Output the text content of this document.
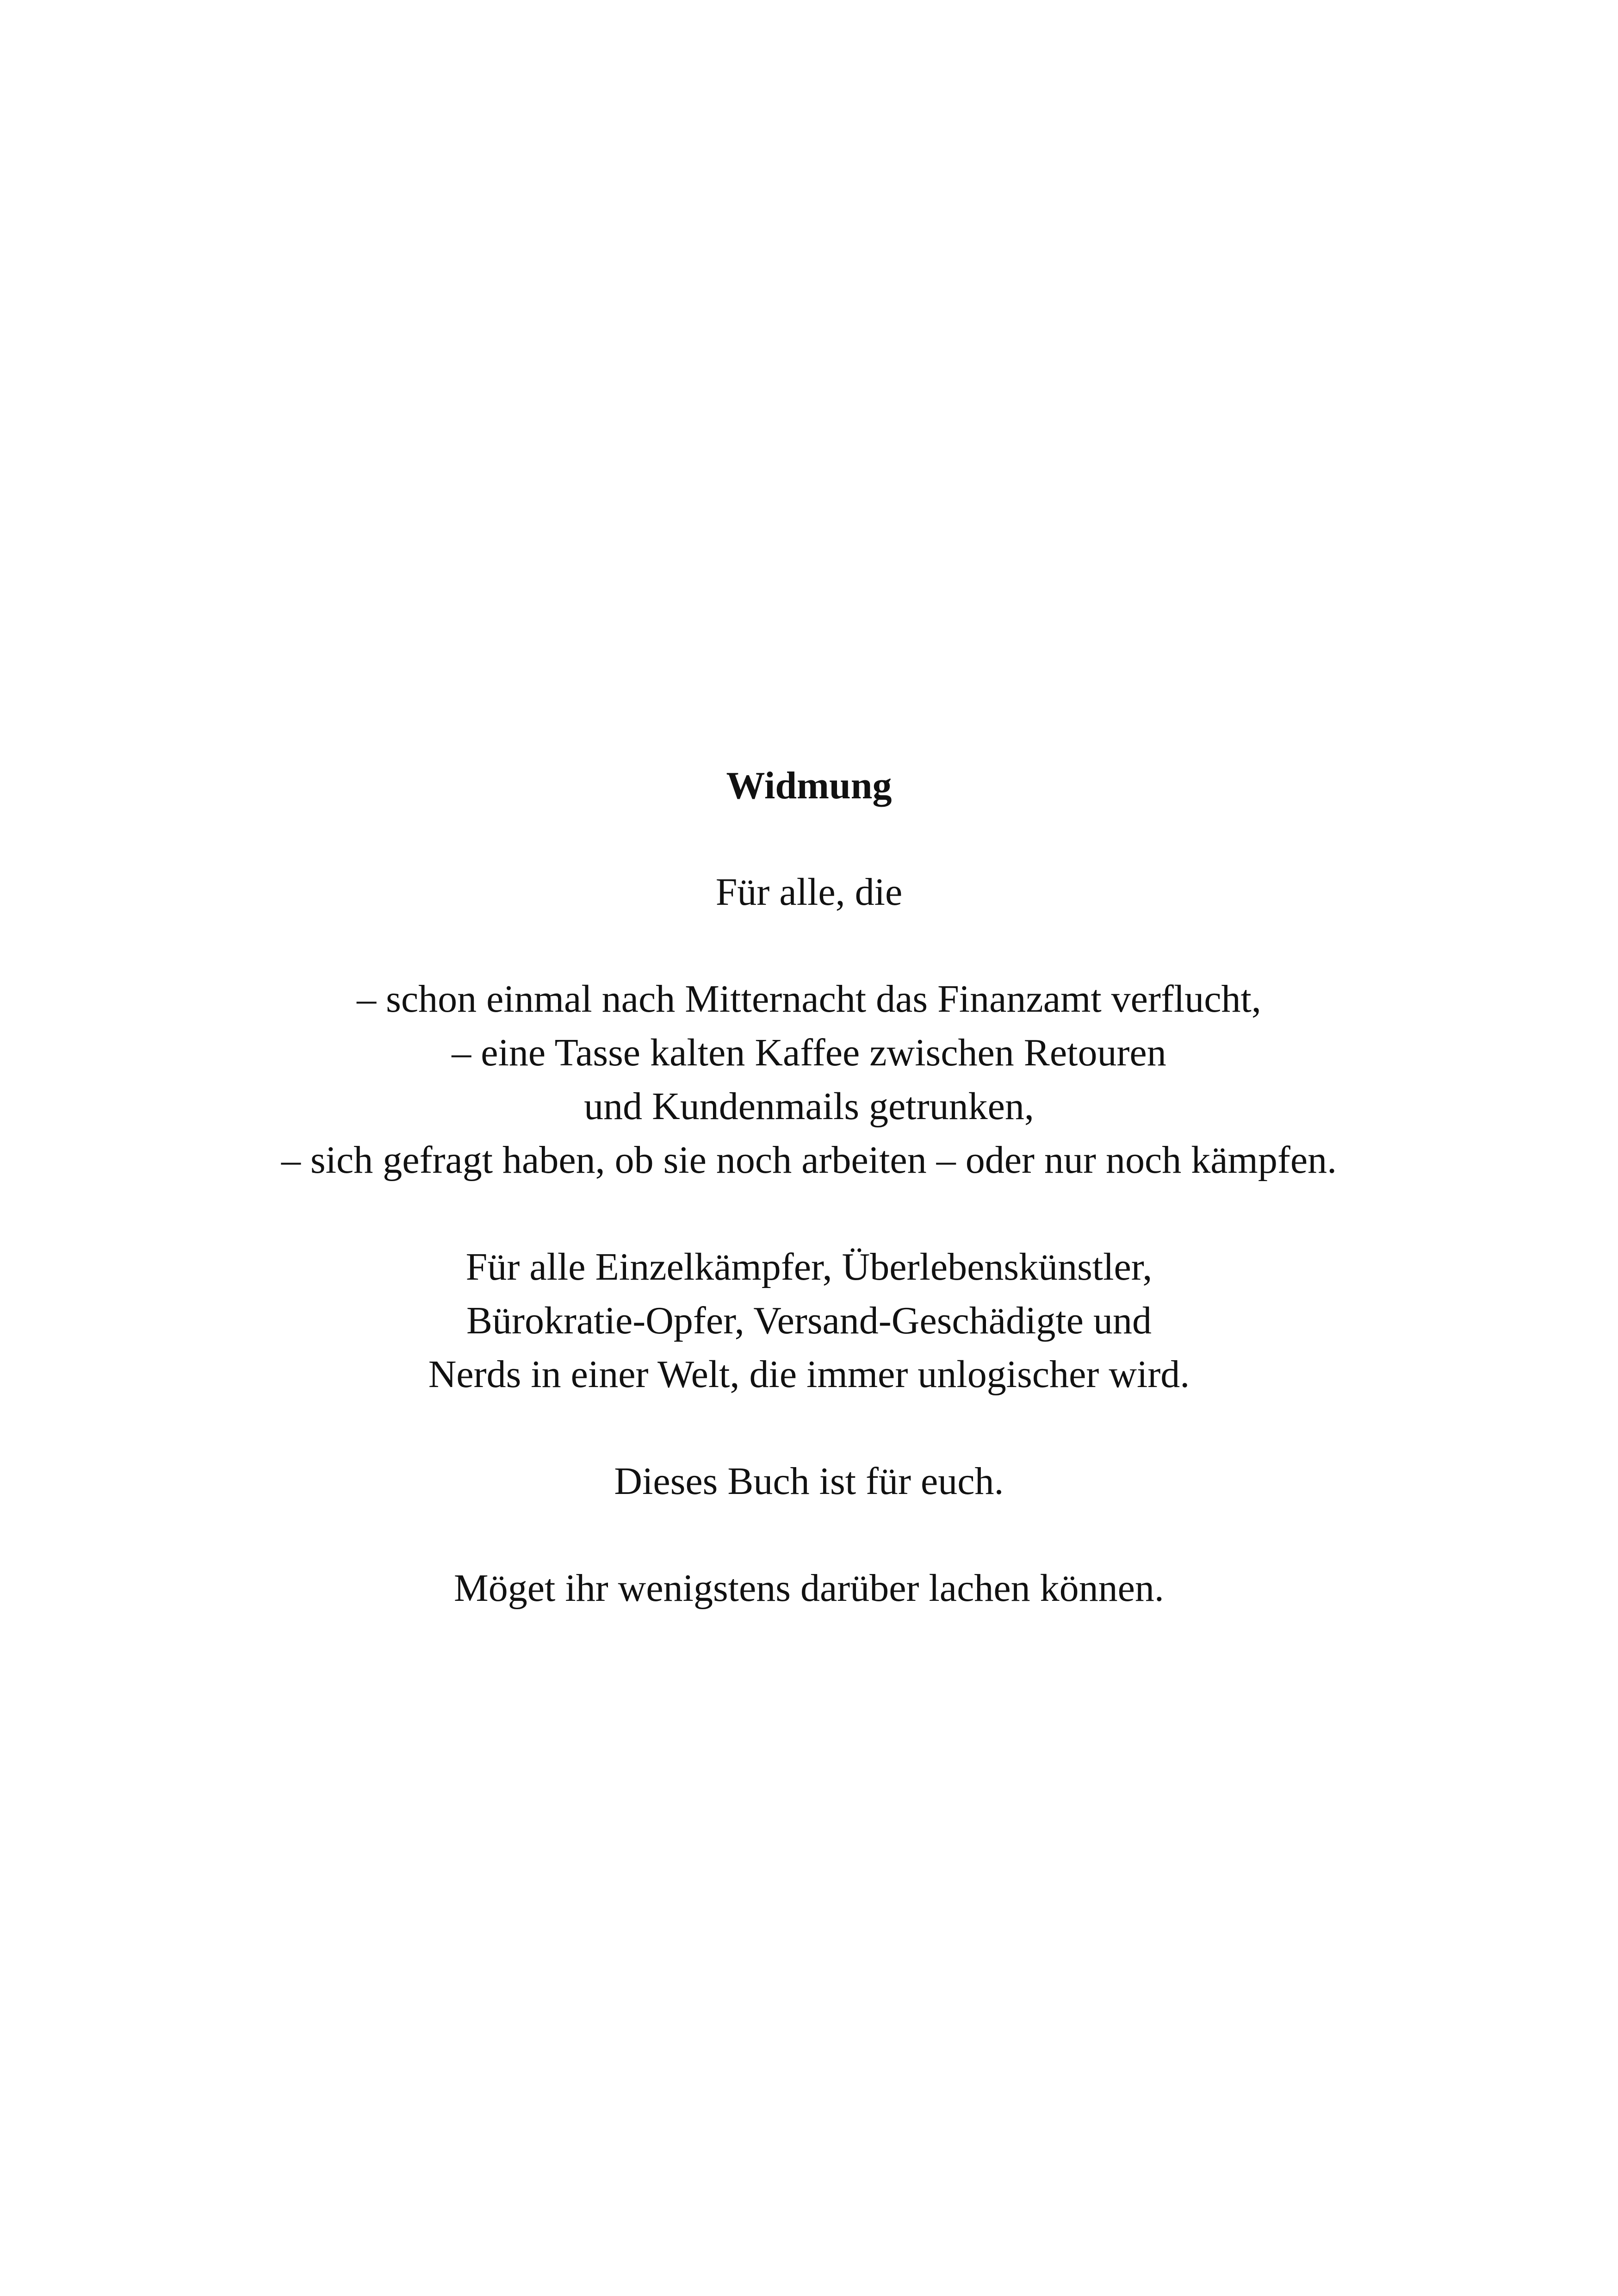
Widmung
Für alle, die
– schon einmal nach Mitternacht das Finanzamt verflucht,
– eine Tasse kalten Kaffee zwischen Retouren
und Kundenmails getrunken,
– sich gefragt haben, ob sie noch arbeiten – oder nur noch kämpfen.
Für alle Einzelkämpfer, Überlebenskünstler,
Bürokratie-Opfer, Versand-Geschädigte und
Nerds in einer Welt, die immer unlogischer wird.
Dieses Buch ist für euch.
Möget ihr wenigstens darüber lachen können.
